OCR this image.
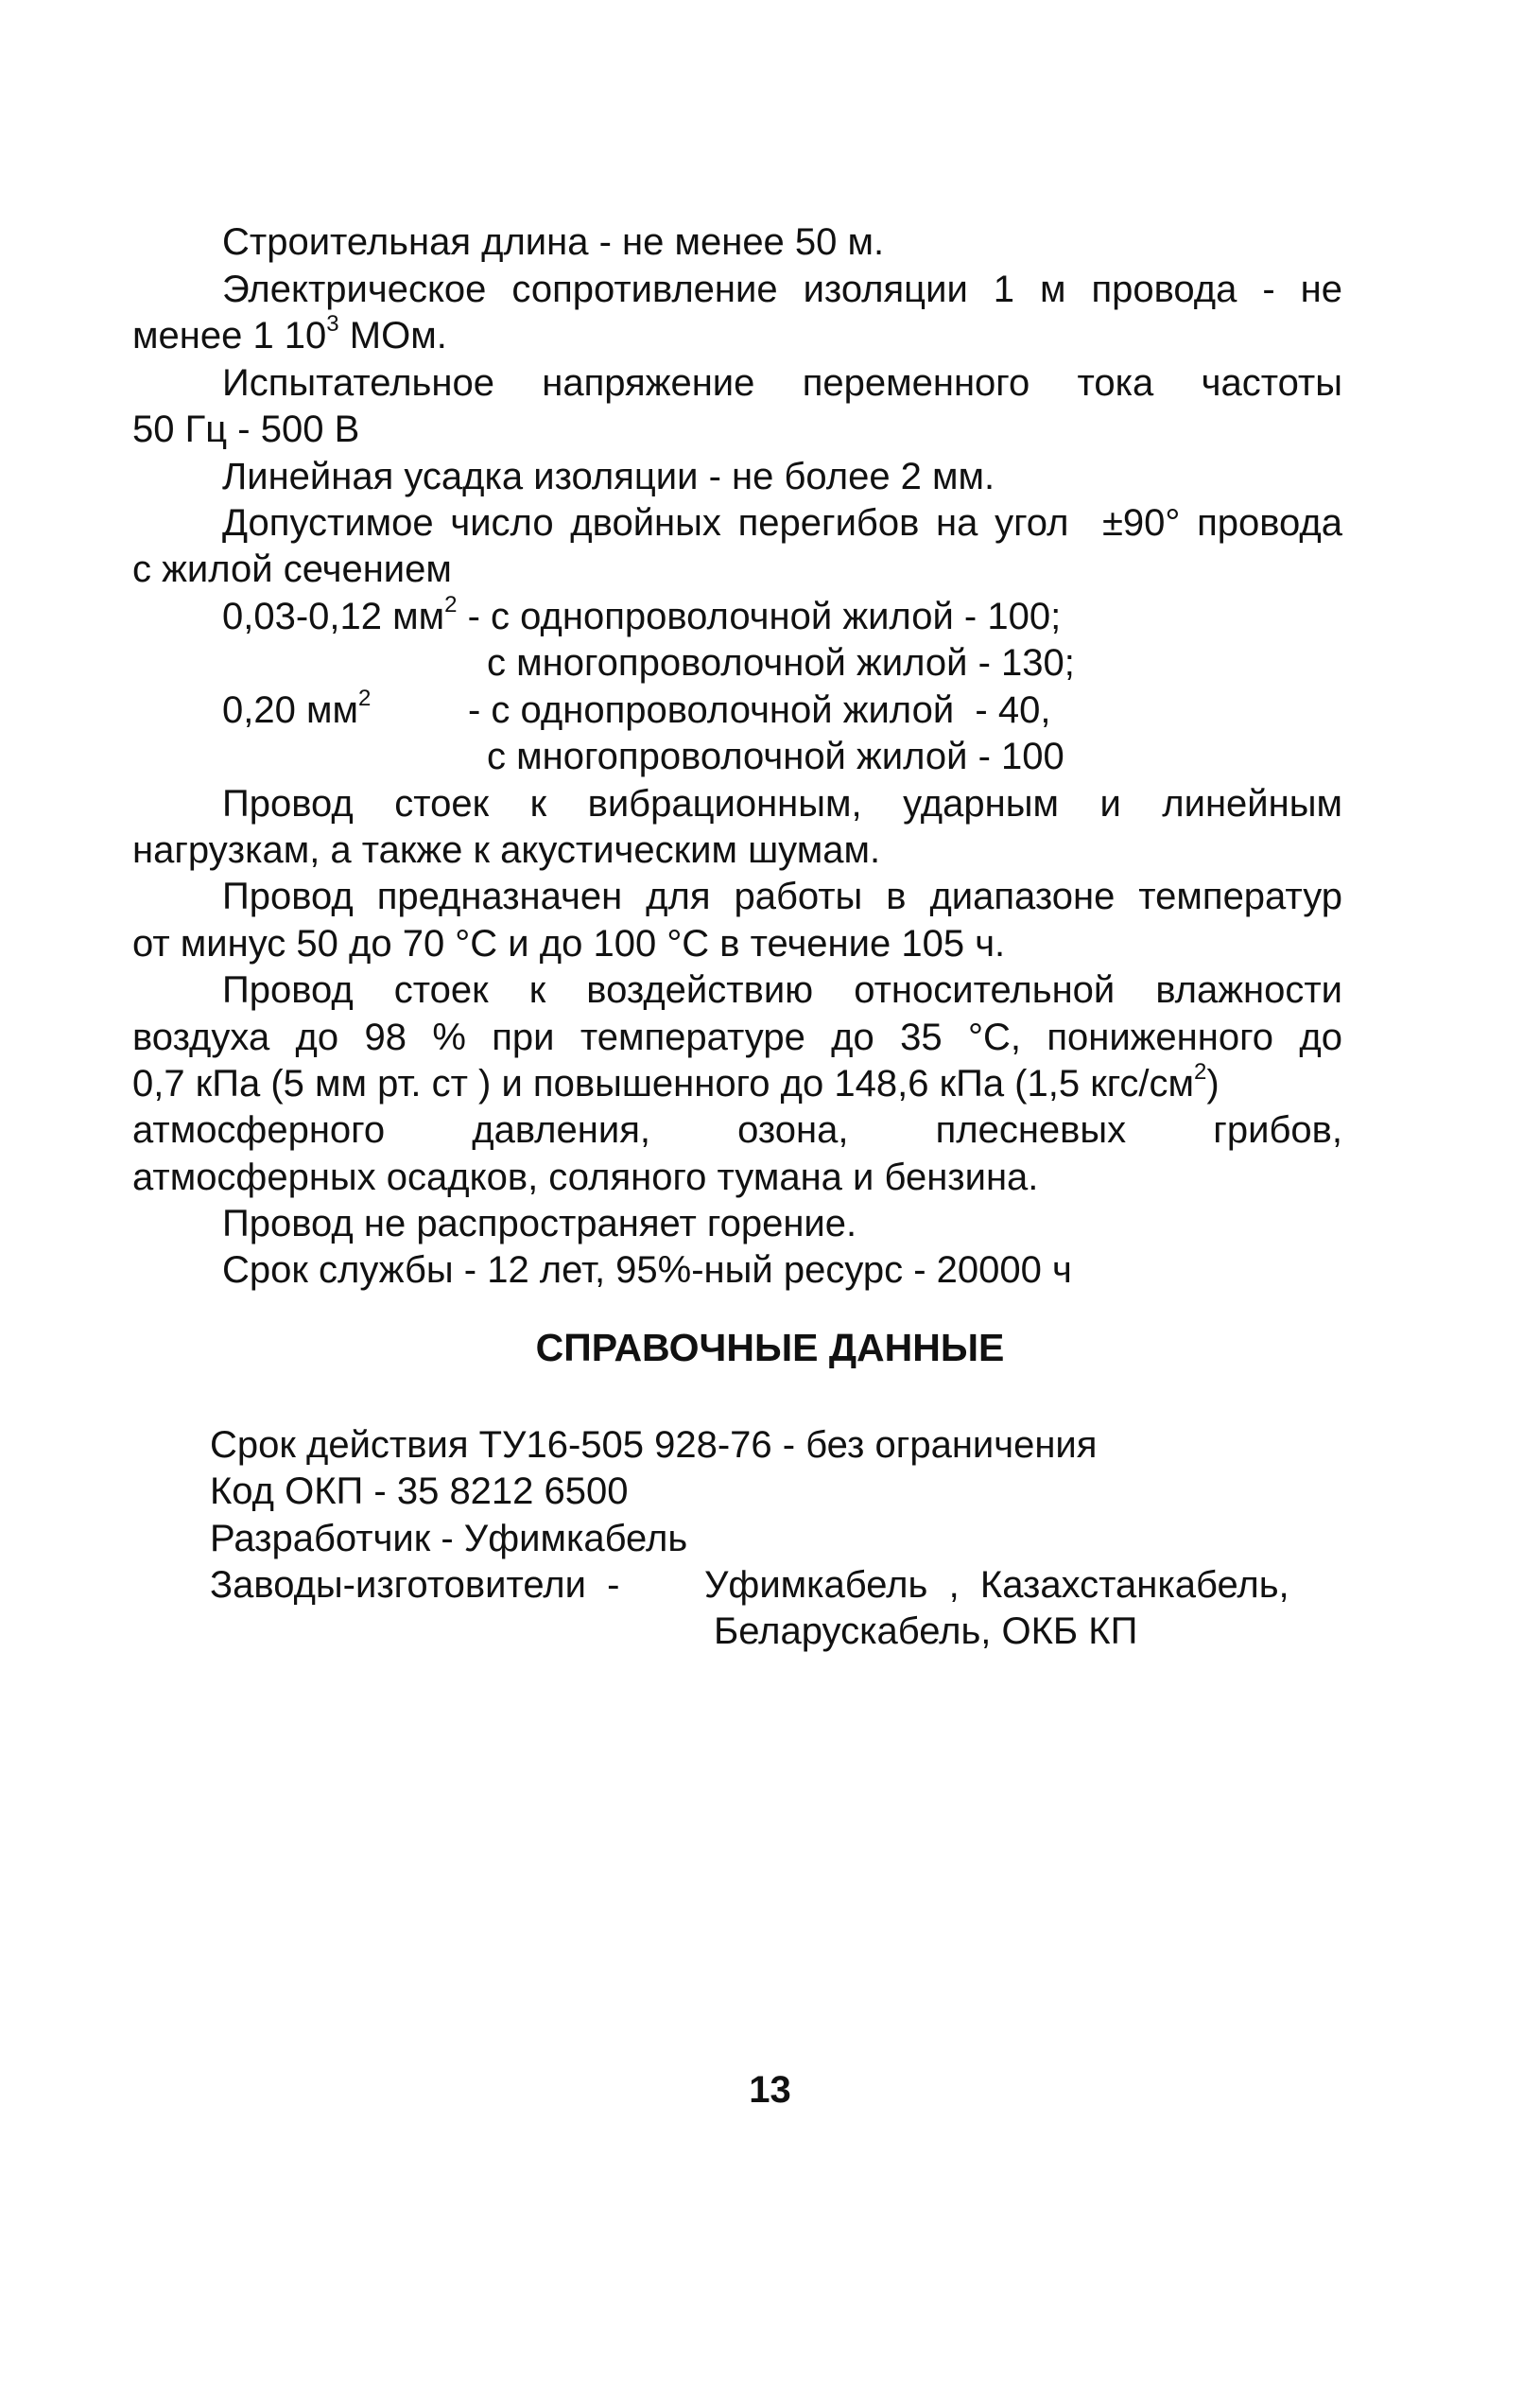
Строительная длина - не менее 50 м.
Электрическое сопротивление изоляции 1 м провода - не
менее 1 $10^3$ МОм.
Испытательное напряжение переменного тока частоты
50 Гц - 500 В
Линейная усадка изоляции - не более 2 мм.
Допустимое число двойных перегибов на угол  ±90° провода
с жилой сечением
0,03-0,12 $мм^2$ - с однопроволочной жилой - 100;
с многопроволочной жилой - 130;
0,20 $мм^2$	- с однопроволочной жилой  - 40,
с многопроволочной жилой - 100
Провод стоек к вибрационным, ударным и линейным
нагрузкам, а также к акустическим шумам.
Провод предназначен для работы в диапазоне температур
от минус 50 до 70 °С и до 100 °С в течение 105 ч.
Провод стоек к воздействию относительной влажности
воздуха до 98 % при температуре до 35 °С, пониженного до
0,7 кПа (5 мм рт. ст ) и повышенного до 148,6 кПа (1,5 кгс/$см^2$)
атмосферного давления, озона, плесневых грибов,
атмосферных осадков, соляного тумана и бензина.
Провод не распространяет горение.
Срок службы - 12 лет, 95%-ный ресурс - 20000 ч
СПРАВОЧНЫЕ ДАННЫЕ
Срок действия ТУ16-505 928-76 - без ограничения
Код ОКП - 35 8212 6500
Разработчик - Уфимкабель
Заводы-изготовители  - Уфимкабель  ,  Казахстанкабель,
Беларускабель, ОКБ КП
13
